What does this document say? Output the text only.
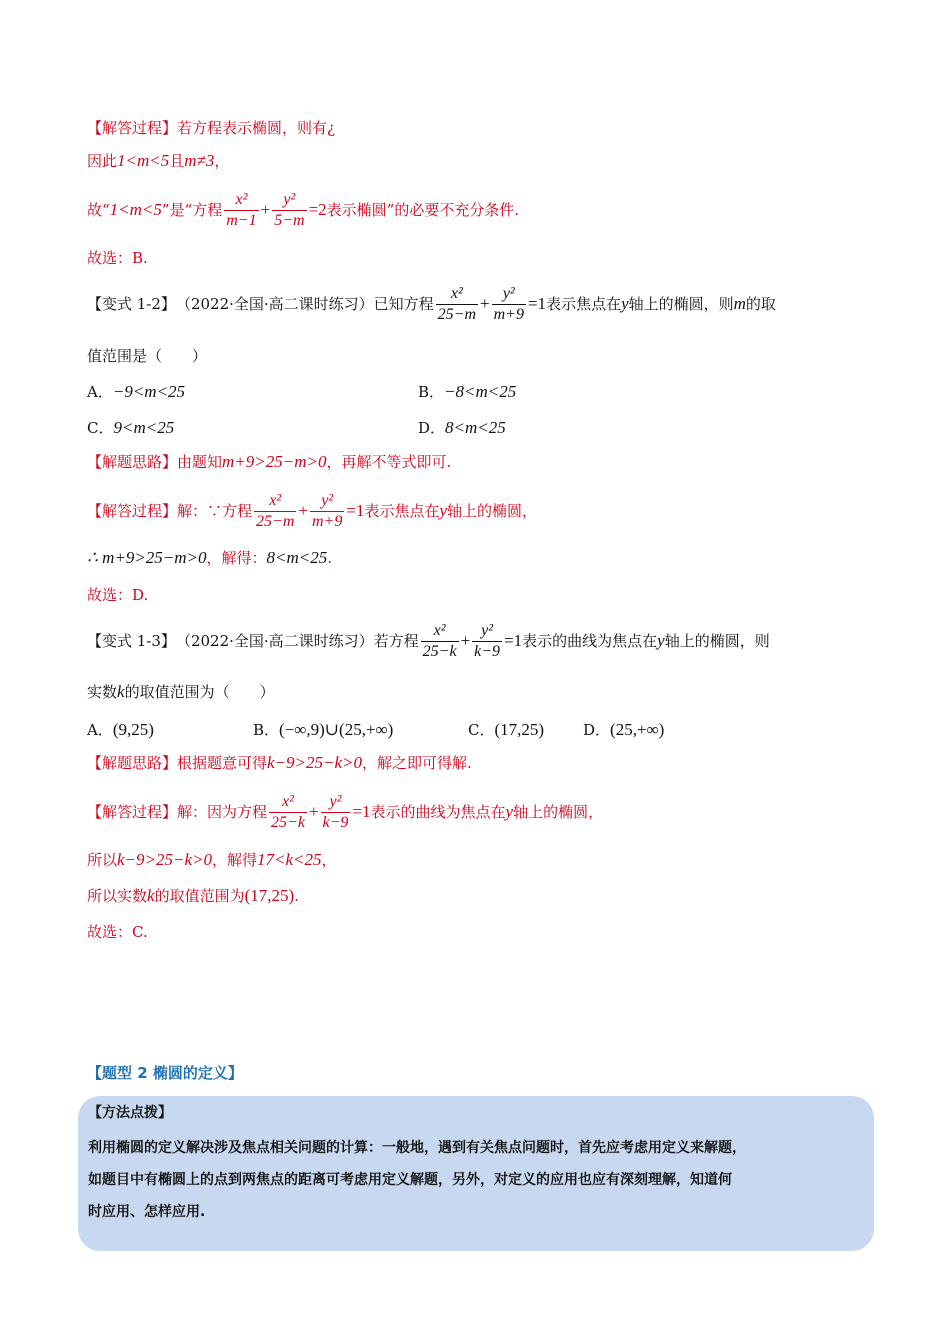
【解答过程】 若方程表示椭圆，则有¿
因此 1<m<5 且 m≠3 ，
故“ 1<m<5 ”是“方程 $\frac{\text{x²}}{m-1} + \frac{\text{y²}}{5-m} =2$ 表示椭圆”的必要不充分条件.
故选：B.
【变式 1-2】 （2022·全国·高二课时练习）已知方程 $\frac{\text{x²}}{25-m} + \frac{\text{y²}}{m+9} =1$ 表示焦点在 y 轴上的椭圆，则 m 的取
值范围是（　　）
A． −9<m<25	B． −8<m<25
C． 9<m<25	D． 8<m<25
【解题思路】 由题知 m+9>25−m>0 ，再解不等式即可.
【解答过程】 解：∵方程 $\frac{\text{x²}}{25-m} + \frac{\text{y²}}{m+9} =1$ 表示焦点在 y 轴上的椭圆，
∴ m+9>25−m>0 ，解得： 8<m<25 .
故选：D.
【变式 1-3】 （2022·全国·高二课时练习）若方程 $\frac{\text{x²}}{25-k} + \frac{\text{y²}}{k-9} =1$ 表示的曲线为焦点在 y 轴上的椭圆，则
实数 k 的取值范围为（　　）
A． (9,25)	B． (−∞,9)∪(25,+∞)	C． (17,25)	D． (25,+∞)
【解题思路】 根据题意可得 k−9>25−k>0 ，解之即可得解.
【解答过程】 解：因为方程 $\frac{\text{x²}}{25-k} + \frac{\text{y²}}{k-9} =1$ 表示的曲线为焦点在 y 轴上的椭圆，
所以 k−9>25−k>0 ，解得 17<k<25 ，
所以实数 k 的取值范围为 (17,25) .
故选：C.
【题型 2 椭圆的定义】
【方法点拨】
利用椭圆的定义解决涉及焦点相关问题的计算：一般地，遇到有关焦点问题时，首先应考虑用定义来解题，
如题目中有椭圆上的点到两焦点的距离可考虑用定义解题，另外，对定义的应用也应有深刻理解，知道何
时应用、怎样应用.
